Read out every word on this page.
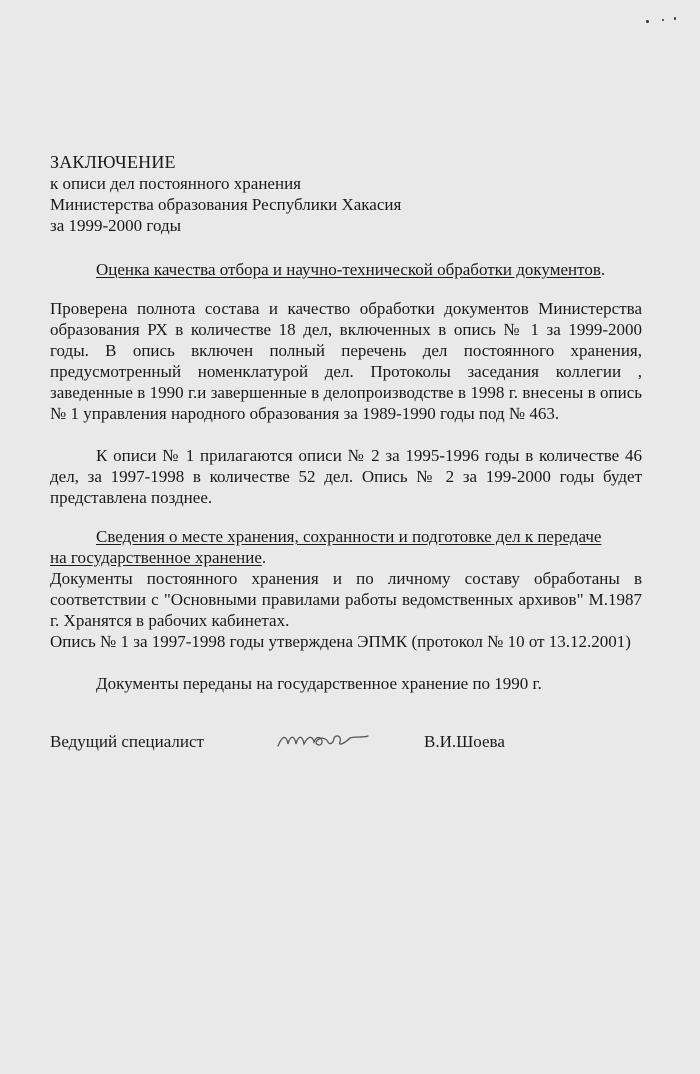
ЗАКЛЮЧЕНИЕ
к описи дел постоянного хранения
Министерства образования Республики Хакасия
за 1999-2000 годы
Оценка качества отбора и научно-технической обработки документов.

Проверена полнота состава и качество обработки документов Министерства образования РХ в количестве 18 дел, включенных в опись № 1 за 1999-2000 годы. В опись включен полный перечень дел постоянного хранения, предусмотренный номенклатурой дел. Протоколы заседания коллегии , заведенные в 1990 г.и завершенные в делопроизводстве в 1998 г. внесены в опись № 1 управления народного образования за 1989-1990 годы под № 463.

К описи № 1 прилагаются описи № 2 за 1995-1996 годы в количестве 46 дел, за 1997-1998 в количестве 52 дел. Опись № 2 за 199-2000 годы будет представлена позднее.

Сведения о месте хранения, сохранности и подготовке дел к передаче
на государственное хранение.

Документы постоянного хранения и по личному составу обработаны в соответствии с "Основными правилами работы ведомственных архивов" М.1987 г. Хранятся в рабочих кабинетах.

Опись № 1 за 1997-1998 годы утверждена ЭПМК (протокол № 10 от 13.12.2001)

Документы переданы на государственное хранение по 1990 г.

Ведущий специалист	В.И.Шоева
